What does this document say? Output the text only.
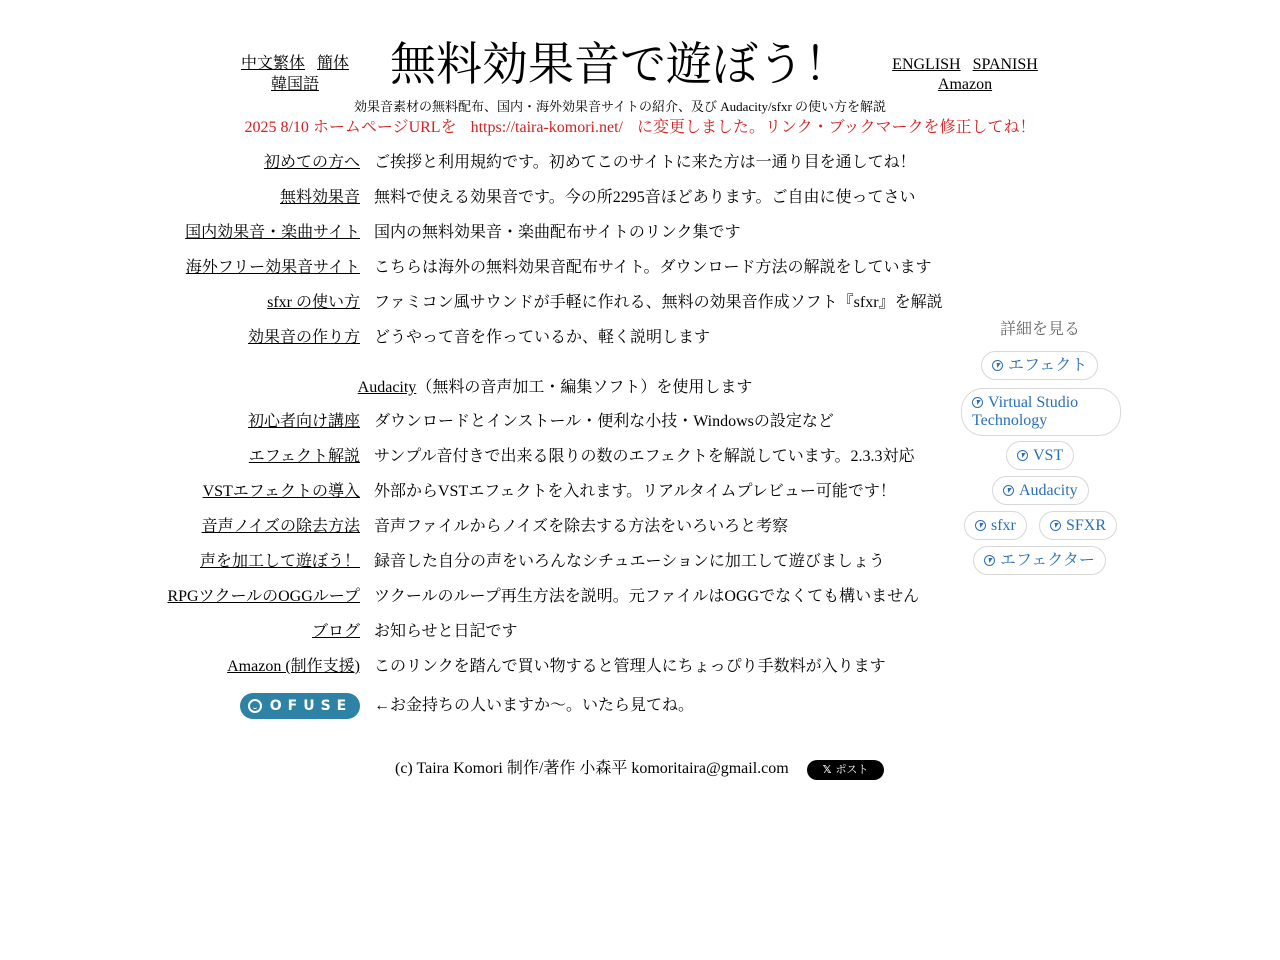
中文繁体 簡体
韓国語	無料効果音で遊ぼう！	ENGLISH SPANISH
Amazon
効果音素材の無料配布、国内・海外効果音サイトの紹介、及び Audacity/sfxr の使い方を解説
2025 8/10 ホームページURLを https://taira-komori.net/ に変更しました。リンク・ブックマークを修正してね！
初めての方へ ご挨拶と利用規約です。初めてこのサイトに来た方は一通り目を通してね！
無料効果音 無料で使える効果音です。今の所2295音ほどあります。ご自由に使ってさい
国内効果音・楽曲サイト 国内の無料効果音・楽曲配布サイトのリンク集です
海外フリー効果音サイト こちらは海外の無料効果音配布サイト。ダウンロード方法の解説をしています
sfxr の使い方 ファミコン風サウンドが手軽に作れる、無料の効果音作成ソフト『sfxr』を解説
効果音の作り方 どうやって音を作っているか、軽く説明します
Audacity（無料の音声加工・編集ソフト）を使用します
初心者向け講座 ダウンロードとインストール・便利な小技・Windowsの設定など
エフェクト解説 サンプル音付きで出来る限りの数のエフェクトを解説しています。2.3.3対応
VSTエフェクトの導入 外部からVSTエフェクトを入れます。リアルタイムプレビュー可能です！
音声ノイズの除去方法 音声ファイルからノイズを除去する方法をいろいろと考察
声を加工して遊ぼう！ 録音した自分の声をいろんなシチュエーションに加工して遊びましょう
RPGツクールのOGGループ ツクールのループ再生方法を説明。元ファイルはOGGでなくても構いません
ブログ お知らせと日記です
Amazon (制作支援) このリンクを踏んで買い物すると管理人にちょっぴり手数料が入ります
OFUSE ←お金持ちの人いますか～。いたら見てね。
詳細を見る
エフェクト
Virtual Studio Technology
VST
Audacity
sfxr	SFXR
エフェクター
(c) Taira Komori 制作/著作 小森平 komoritaira@gmail.com	𝕏 ポスト
